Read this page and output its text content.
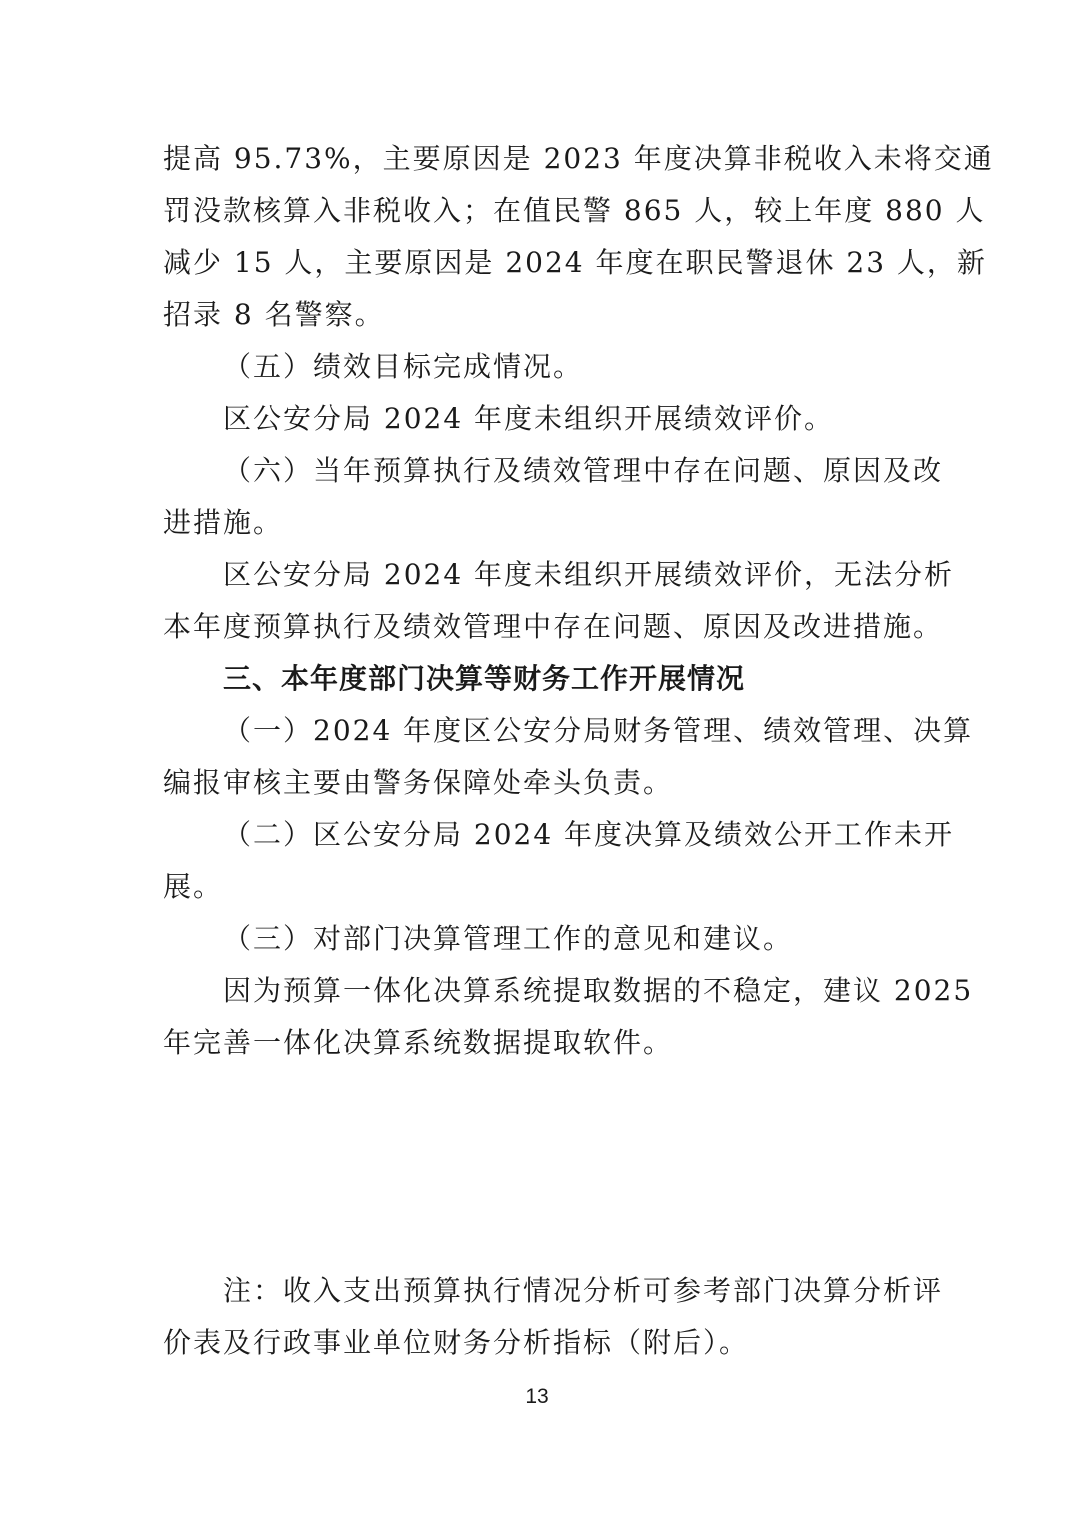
提高 95.73%，主要原因是 2023 年度决算非税收入未将交通
罚没款核算入非税收入；在值民警 865 人，较上年度 880 人
减少 15 人，主要原因是 2024 年度在职民警退休 23 人，新
招录 8 名警察。
（五）绩效目标完成情况。
区公安分局 2024 年度未组织开展绩效评价。
（六）当年预算执行及绩效管理中存在问题、原因及改
进措施。
区公安分局 2024 年度未组织开展绩效评价，无法分析
本年度预算执行及绩效管理中存在问题、原因及改进措施。
三、本年度部门决算等财务工作开展情况
（一）2024 年度区公安分局财务管理、绩效管理、决算
编报审核主要由警务保障处牵头负责。
（二）区公安分局 2024 年度决算及绩效公开工作未开
展。
（三）对部门决算管理工作的意见和建议。
因为预算一体化决算系统提取数据的不稳定，建议 2025
年完善一体化决算系统数据提取软件。
注：收入支出预算执行情况分析可参考部门决算分析评
价表及行政事业单位财务分析指标（附后）。
13
